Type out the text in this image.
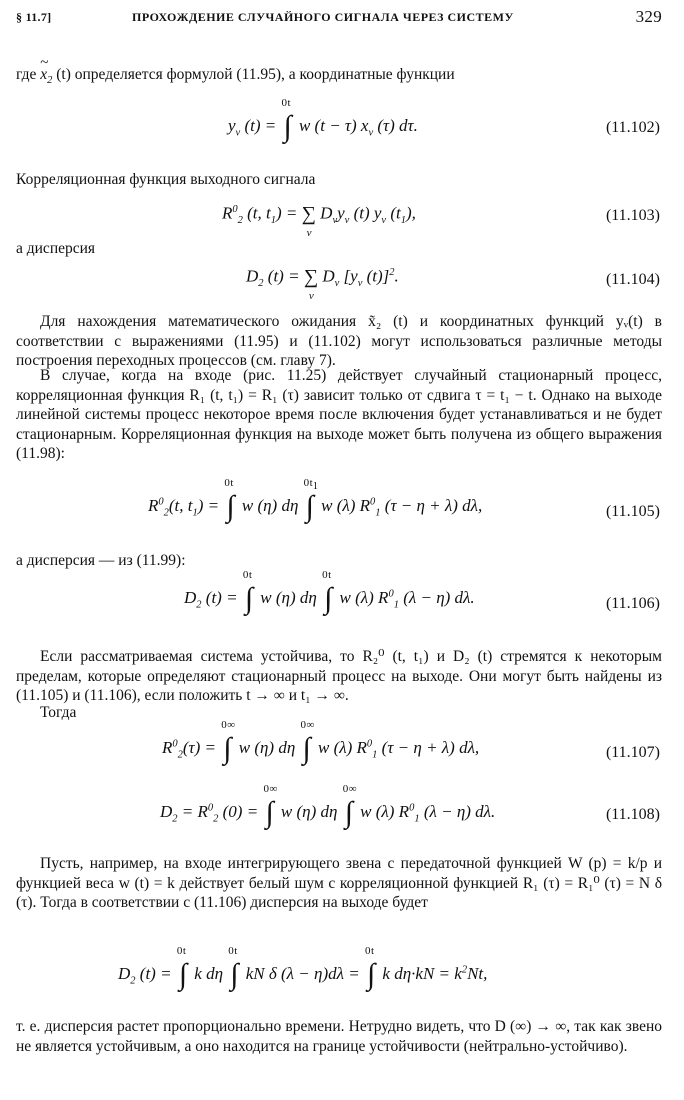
§ 11.7]	ПРОХОЖДЕНИЕ СЛУЧАЙНОГО СИГНАЛА ЧЕРЕЗ СИСТЕМУ	329
где ~ $x_2$ (t) определяется формулой (11.95), а координатные функции
$y_\nu$ (t) = ∫
t
0
w (t − τ) $x_\nu$ (τ) dτ.	(11.102)
Корреляционная функция выходного сигнала
$R^0_2$ (t, $t_1$) = ∑
ν
$D_\nu y_\nu$ (t) $y_\nu$ $(t_1)$,	(11.103)
а дисперсия
$D_2$ (t) = ∑
ν
$D_\nu$ [$y_\nu$ (t)]$^2$.	(11.104)
Для нахождения математического ожидания x̃₂ (t) и координатных функций yᵥ(t) в соответствии с выражениями (11.95) и (11.102) могут использоваться различные методы построения переходных процессов (см. главу 7).
В случае, когда на входе (рис. 11.25) действует случайный стационарный процесс, корреляционная функция R₁ (t, t₁) = R₁ (τ) зависит только от сдвига τ = t₁ − t. Однако на выходе линейной системы процесс некоторое время после включения будет устанавливаться и не будет стационарным. Корреляционная функция на выходе может быть получена из общего выражения (11.98):
$R^0_2(t$, $t_1$) = ∫
t
0
w (η) dη ∫
$t_1$
0
w (λ) $R^0_1$ (τ − η + λ) dλ,	(11.105)
а дисперсия — из (11.99):
$D_2$ (t) = ∫
t
0
w (η) dη ∫
t
0
w (λ) $R^0_1$ (λ − η) dλ.	(11.106)
Если рассматриваемая система устойчива, то R₂⁰ (t, t₁) и D₂ (t) стремятся к некоторым пределам, которые определяют стационарный процесс на выходе. Они могут быть найдены из (11.105) и (11.106), если положить t → ∞ и t₁ → ∞.
Тогда
$R^0_2(\tau)$ = ∫
∞
0
w (η) dη ∫
∞
0
w (λ) $R^0_1$ (τ − η + λ) dλ,	(11.107)
$D_2 = R^0_2$ (0) = ∫
∞
0
w (η) dη ∫
∞
0
w (λ) $R^0_1$ (λ − η) dλ.	(11.108)
Пусть, например, на входе интегрирующего звена с передаточной функцией W (p) = k/p и функцией веса w (t) = k действует белый шум с корреляционной функцией R₁ (τ) = R₁⁰ (τ) = N δ (τ). Тогда в соответствии с (11.106) дисперсия на выходе будет
$D_2$ (t) = ∫
t
0
k dη ∫
t
0
kN δ (λ − η)dλ = ∫
t
0
k $d\eta\cdot kN = k^2Nt$,
т. е. дисперсия растет пропорционально времени. Нетрудно видеть, что D (∞) → ∞, так как звено не является устойчивым, а оно находится на границе устойчивости (нейтрально-устойчиво).
